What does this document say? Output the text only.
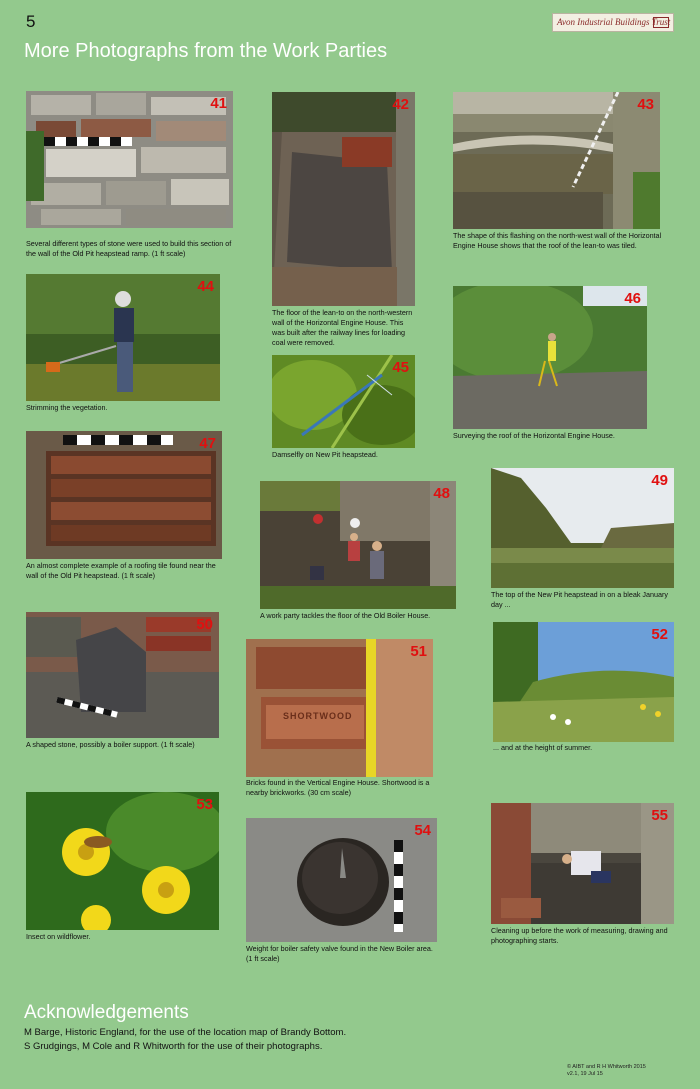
5	Avon Industrial Buildings Trust
More Photographs from the Work Parties
41
Several different types of stone were used to build this section of the wall of the Old Pit heapstead ramp. (1 ft scale)
42
The floor of the lean-to on the north-western wall of the Horizontal Engine House. This was built after the railway lines for loading coal were removed.
43
The shape of this flashing on the north-west wall of the Horizontal Engine House shows that the roof of the lean-to was tiled.
44
Strimming the vegetation.
45
Damselfly on New Pit heapstead.
46
Surveying the roof of the Horizontal Engine House.
47
An almost complete example of a roofing tile found near the wall of the Old Pit heapstead. (1 ft scale)
48
A work party tackles the floor of the Old Boiler House.
49
The top of the New Pit heapstead in on a bleak January day ...
50
A shaped stone, possibly a boiler support. (1 ft scale)
SHORTWOOD
51
Bricks found in the Vertical Engine House. Shortwood is a nearby brickworks. (30 cm scale)
52
... and at the height of summer.
53
Insect on wildflower.
54
Weight for boiler safety valve found in the New Boiler area. (1 ft scale)
55
Cleaning up before the work of measuring, drawing and photographing starts.
Acknowledgements
M Barge, Historic England, for the use of the location map of Brandy Bottom.
S Grudgings, M Cole and R Whitworth for the use of their photographs.
© AIBT and R H Whitworth 2015
v2.1, 19 Jul 15
